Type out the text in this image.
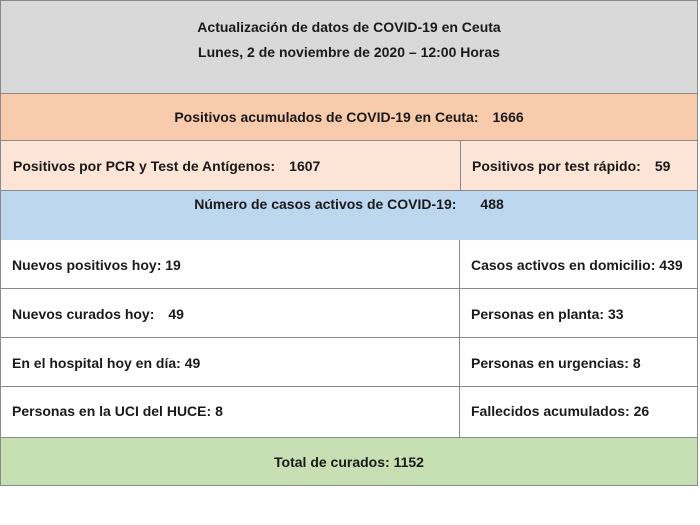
Actualización de datos de COVID-19 en Ceuta
Lunes, 2 de noviembre de 2020 – 12:00 Horas
Positivos acumulados de COVID-19 en Ceuta: 1666
Positivos por PCR y Test de Antígenos: 1607	Positivos por test rápido: 59
Número de casos activos de COVID-19: 488
Nuevos positivos hoy: 19
Nuevos curados hoy: 49
En el hospital hoy en día: 49
Personas en la UCI del HUCE: 8
Casos activos en domicilio: 439
Personas en planta: 33
Personas en urgencias: 8
Fallecidos acumulados: 26
Total de curados: 1152
